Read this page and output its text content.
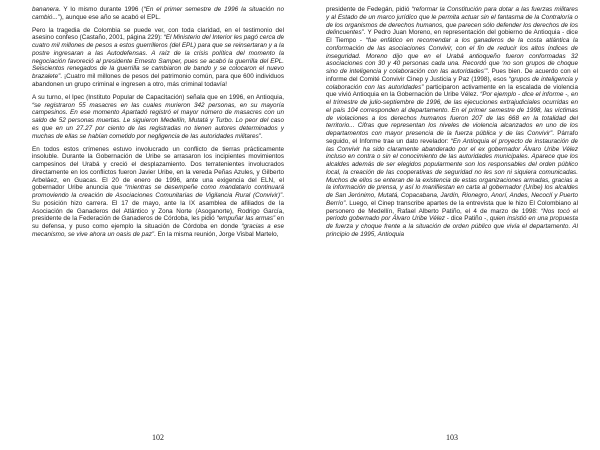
bananera. Y lo mismo durante 1996 (“En el primer semestre de 1996 la situación no cambió...”), aunque ese año se acabó el EPL.

Pero la tragedia de Colombia se puede ver, con toda claridad, en el testimonio del asesino confeso (Castaño, 2001, página 229): “El Ministerio del Interior les pagó cerca de cuatro mil millones de pesos a estos guerrilleros (del EPL) para que se reinsertaran y a la postre ingresaran a las Autodefensas. A raíz de la crisis política del momento la negociación favoreció al presidente Ernesto Samper, pues se acabó la guerrilla del EPL. Seiscientos renegados de la guerrilla se cambiaron de bando y se colocaron el nuevo brazalete”. ¡Cuatro mil millones de pesos del patrimonio común, para que 600 individuos abandonen un grupo criminal e ingresen a otro, más criminal todavía!

A su turno, el Ipec (Instituto Popular de Capacitación) señala que en 1996, en Antioquia, “se registraron 55 masacres en las cuales murieron 342 personas, en su mayoría campesinos. En ese momento Apartadó registró el mayor número de masacres con un saldo de 52 personas muertas. Le siguieron Medellín, Mutatá y Turbo. Lo peor del caso es que en un 27.27 por ciento de las registradas no tienen autores determinados y muchas de ellas se habían cometido por negligencia de las autoridades militares”.

En todos estos crímenes estuvo involucrado un conflicto de tierras prácticamente insoluble. Durante la Gobernación de Uribe se arrasaron los incipientes movimientos campesinos del Urabá y creció el desplazamiento. Dos terratenientes involucrados directamente en los conflictos fueron Javier Uribe, en la vereda Peñas Azules, y Gilberto Arbeláez, en Guacas. El 20 de enero de 1996, ante una exigencia del ELN, el gobernador Uribe anuncia que “mientras se desempeñe como mandatario continuará promoviendo la creación de Asociaciones Comunitarias de Vigilancia Rural (Convivir)”. Su posición hizo carrera. El 17 de mayo, ante la IX asamblea de afiliados de la Asociación de Ganaderos del Atlántico y Zona Norte (Asoganorte), Rodrigo García, presidente de la Federación de Ganaderos de Córdoba, les pidió “empuñar las armas” en su defensa, y puso como ejemplo la situación de Córdoba en donde “gracias a ese mecanismo, se vive ahora un oasis de paz”. En la misma reunión, Jorge Visbal Martelo,

102

presidente de Fedegán, pidió “reformar la Constitución para dotar a las fuerzas militares y al Estado de un marco jurídico que le permita actuar sin el fantasma de la Contraloría o de los organismos de derechos humanos, que parecen sólo defender los derechos de los delincuentes”. Y Pedro Juan Moreno, en representación del gobierno de Antioquia - dice El Tiempo - “fue enfático en recomendar a los ganaderos de la costa atlántica la conformación de las asociaciones Convivir, con el fin de reducir los altos índices de inseguridad. Moreno dijo que en el Urabá antioqueño fueron conformadas 32 asociaciones con 30 y 40 personas cada una. Recordó que ‘no son grupos de choque sino de inteligencia y colaboración con las autoridades’”. Pues bien. De acuerdo con el informe del Comité Convivir Cinep y Justicia y Paz (1998), esos “grupos de inteligencia y colaboración con las autoridades” participaron activamente en la escalada de violencia que vivió Antioquia en la Gobernación de Uribe Vélez. “Por ejemplo - dice el informe -, en el trimestre de julio-septiembre de 1996, de las ejecuciones extrajudiciales ocurridas en el país 104 corresponden al departamento. En el primer semestre de 1998, las víctimas de violaciones a los derechos humanos fueron 207 de las 668 en la totalidad del territorio... Cifras que representan los niveles de violencia alcanzados en uno de los departamentos con mayor presencia de la fuerza pública y de las Convivir”. Párrafo seguido, el Informe trae un dato revelador: “En Antioquia el proyecto de instauración de las Convivir ha sido claramente abanderado por el ex gobernador Álvaro Uribe Vélez incluso en contra o sin el conocimiento de las autoridades municipales. Aparece que los alcaldes además de ser elegidos popularmente son los responsables del orden público local, la creación de las cooperativas de seguridad no les son ni siquiera comunicadas. Muchos de ellos se enteran de la existencia de estas organizaciones armadas, gracias a la información de prensa, y así lo manifiestan en carta al gobernador (Uribe) los alcaldes de San Jerónimo, Mutatá, Copacabana, Jardín, Rionegro, Anorí, Andes, Necoclí y Puerto Berrío”. Luego, el Cinep transcribe apartes de la entrevista que le hizo El Colombiano al personero de Medellín, Rafael Alberto Patiño, el 4 de marzo de 1998: “Nos tocó el periodo gobernado por Álvaro Uribe Vélez - dice Patiño -, quien insistió en una propuesta de fuerza y choque frente a la situación de orden público que vivía el departamento. Al principio de 1995, Antioquia

103
